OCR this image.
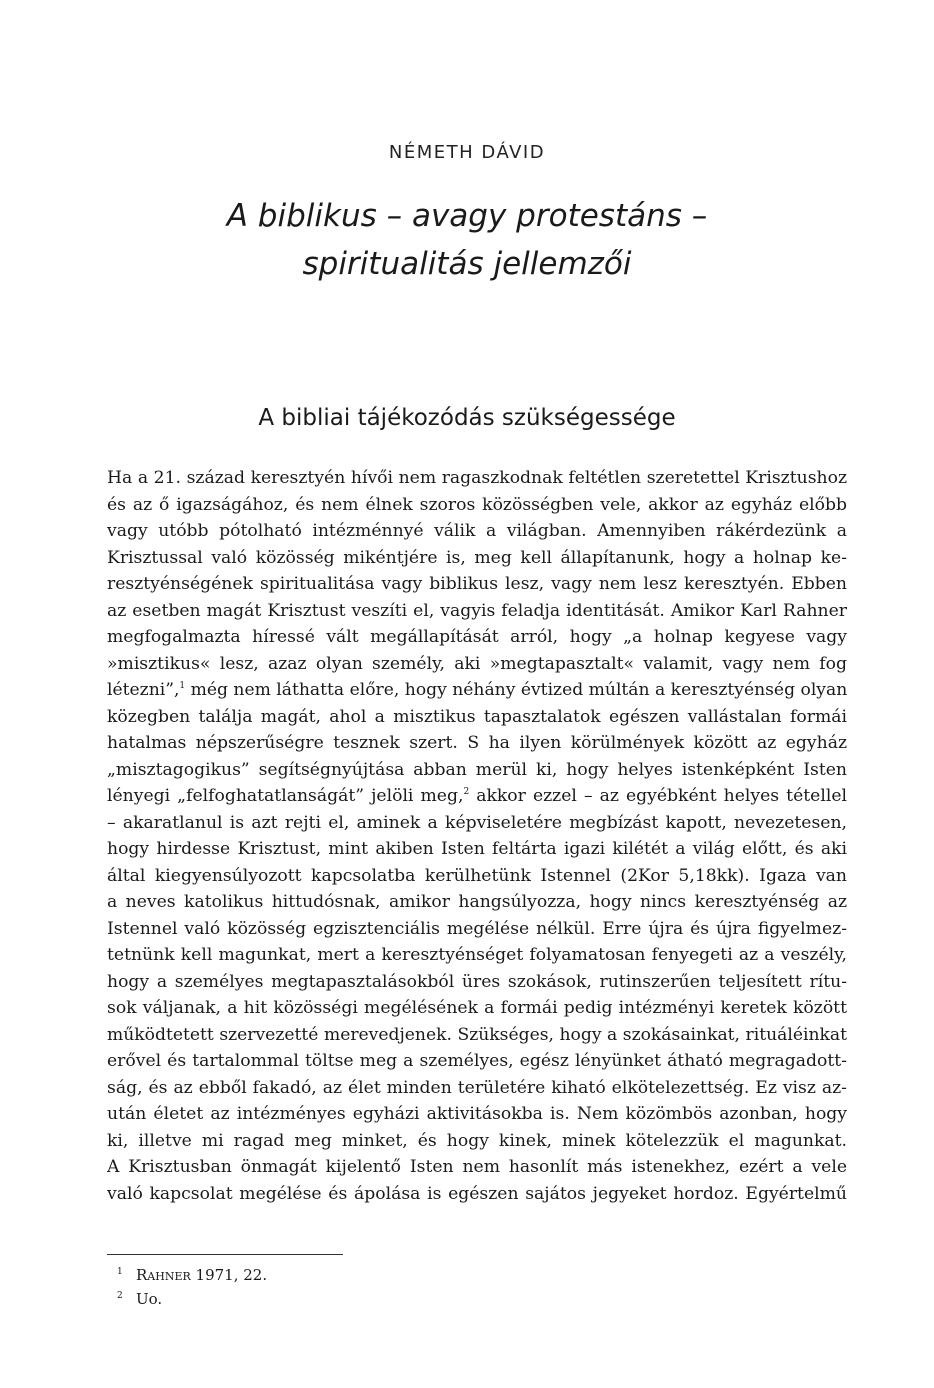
NÉMETH DÁVID
A biblikus – avagy protestáns –
spiritualitás jellemzői
A bibliai tájékozódás szükségessége
Ha a 21. század keresztyén hívői nem ragaszkodnak feltétlen szeretettel Krisztushoz
és az ő igazságához, és nem élnek szoros közösségben vele, akkor az egyház előbb
vagy utóbb pótolható intézménnyé válik a világban. Amennyiben rákérdezünk a
Krisztussal való közösség mikéntjére is, meg kell állapítanunk, hogy a holnap ke-
resztyénségének spiritualitása vagy biblikus lesz, vagy nem lesz keresztyén. Ebben
az esetben magát Krisztust veszíti el, vagyis feladja identitását. Amikor Karl Rahner
megfogalmazta híressé vált megállapítását arról, hogy „a holnap kegyese vagy
»misztikus« lesz, azaz olyan személy, aki »megtapasztalt« valamit, vagy nem fog
létezni”,$^1$ még nem láthatta előre, hogy néhány évtized múltán a keresztyénség olyan
közegben találja magát, ahol a misztikus tapasztalatok egészen vallástalan formái
hatalmas népszerűségre tesznek szert. S ha ilyen körülmények között az egyház
„misztagogikus” segítségnyújtása abban merül ki, hogy helyes istenképként Isten
lényegi „felfoghatatlanságát” jelöli meg,$^2$ akkor ezzel – az egyébként helyes tétellel
– akaratlanul is azt rejti el, aminek a képviseletére megbízást kapott, nevezetesen,
hogy hirdesse Krisztust, mint akiben Isten feltárta igazi kilétét a világ előtt, és aki
által kiegyensúlyozott kapcsolatba kerülhetünk Istennel (2Kor 5,18kk). Igaza van
a neves katolikus hittudósnak, amikor hangsúlyozza, hogy nincs keresztyénség az
Istennel való közösség egzisztenciális megélése nélkül. Erre újra és újra figyelmez-
tetnünk kell magunkat, mert a keresztyénséget folyamatosan fenyegeti az a veszély,
hogy a személyes megtapasztalásokból üres szokások, rutinszerűen teljesített rítu-
sok váljanak, a hit közösségi megélésének a formái pedig intézményi keretek között
működtetett szervezetté merevedjenek. Szükséges, hogy a szokásainkat, rituáléinkat
erővel és tartalommal töltse meg a személyes, egész lényünket átható megragadott-
ság, és az ebből fakadó, az élet minden területére kiható elkötelezettség. Ez visz az-
után életet az intézményes egyházi aktivitásokba is. Nem közömbös azonban, hogy
ki, illetve mi ragad meg minket, és hogy kinek, minek kötelezzük el magunkat.
A Krisztusban önmagát kijelentő Isten nem hasonlít más istenekhez, ezért a vele
való kapcsolat megélése és ápolása is egészen sajátos jegyeket hordoz. Egyértelmű
1 Rahner 1971, 22.
2 Uo.
